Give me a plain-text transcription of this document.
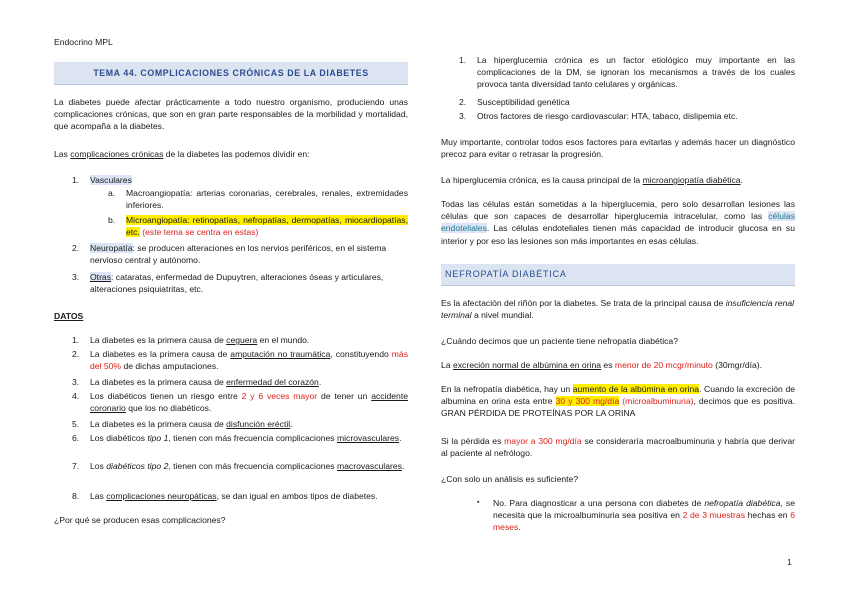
Endocrino MPL
TEMA 44. COMPLICACIONES CRÓNICAS DE LA DIABETES

La diabetes puede afectar prácticamente a todo nuestro organismo, produciendo unas complicaciones crónicas, que son en gran parte responsables de la morbilidad y mortalidad, que acompaña a la diabetes.

Las complicaciones crónicas de la diabetes las podemos dividir en:

1.	Vasculares
a.	Macroangiopatía: arterias coronarias, cerebrales, renales, extremidades inferiores.
b.	Microangiopatía: retinopatías, nefropatías, dermopatías, miocardiopatías, etc. (este tema se centra en estas)
2.	Neuropatía: se producen alteraciones en los nervios periféricos, en el sistema nervioso central y autónomo.
3.	Otras: cataratas, enfermedad de Dupuytren, alteraciones óseas y articulares, alteraciones psiquiatritas, etc.

DATOS

1.	La diabetes es la primera causa de ceguera en el mundo.
2.	La diabetes es la primera causa de amputación no traumática, constituyendo más del 50% de dichas amputaciones.
3.	La diabetes es la primera causa de enfermedad del corazón.
4.	Los diabéticos tienen un riesgo entre 2 y 6 veces mayor de tener un accidente coronario que los no diabéticos.
5.	La diabetes es la primera causa de disfunción eréctil.
6.	Los diabéticos tipo 1, tienen con más frecuencia complicaciones microvasculares.
7.	Los diabéticos tipo 2, tienen con más frecuencia complicaciones macrovasculares.
8.	Las complicaciones neuropáticas, se dan igual en ambos tipos de diabetes.

¿Por qué se producen esas complicaciones?

1.	La hiperglucemia crónica es un factor etiológico muy importante en las complicaciones de la DM, se ignoran los mecanismos a través de los cuales provoca tanta diversidad tanto celulares y orgánicas.
2.	Susceptibilidad genética
3.	Otros factores de riesgo cardiovascular: HTA, tabaco, dislipemia etc.

Muy importante, controlar todos esos factores para evitarlas y además hacer un diagnóstico precoz para evitar o retrasar la progresión.

La hiperglucemia crónica, es la causa principal de la microangiopatía diabética.

Todas las células están sometidas a la hiperglucemia, pero solo desarrollan lesiones las células que son capaces de desarrollar hiperglucemia intracelular, como las células endoteliales. Las células endoteliales tienen más capacidad de introducir glucosa en su interior y por eso las lesiones son más importantes en esas células.

NEFROPATÍA DIABÉTICA

Es la afectación del riñón por la diabetes. Se trata de la principal causa de insuficiencia renal terminal a nivel mundial.

¿Cuándo decimos que un paciente tiene nefropatía diabética?

La excreción normal de albúmina en orina es menor de 20 mcgr/minuto (30mgr/día).

En la nefropatía diabética, hay un aumento de la albúmina en orina. Cuando la excreción de albumina en orina esta entre 30 y 300 mg/día (microalbuminuria), decimos que es positiva. GRAN PÉRDIDA DE PROTEÍNAS POR LA ORINA

Si la pérdida es mayor a 300 mg/día se consideraría macroalbuminuria y habría que derivar al paciente al nefrólogo.

¿Con solo un análisis es suficiente?

▪	No. Para diagnosticar a una persona con diabetes de nefropatía diabética, se necesita que la microalbuminuria sea positiva en 2 de 3 muestras hechas en 6 meses.
1
